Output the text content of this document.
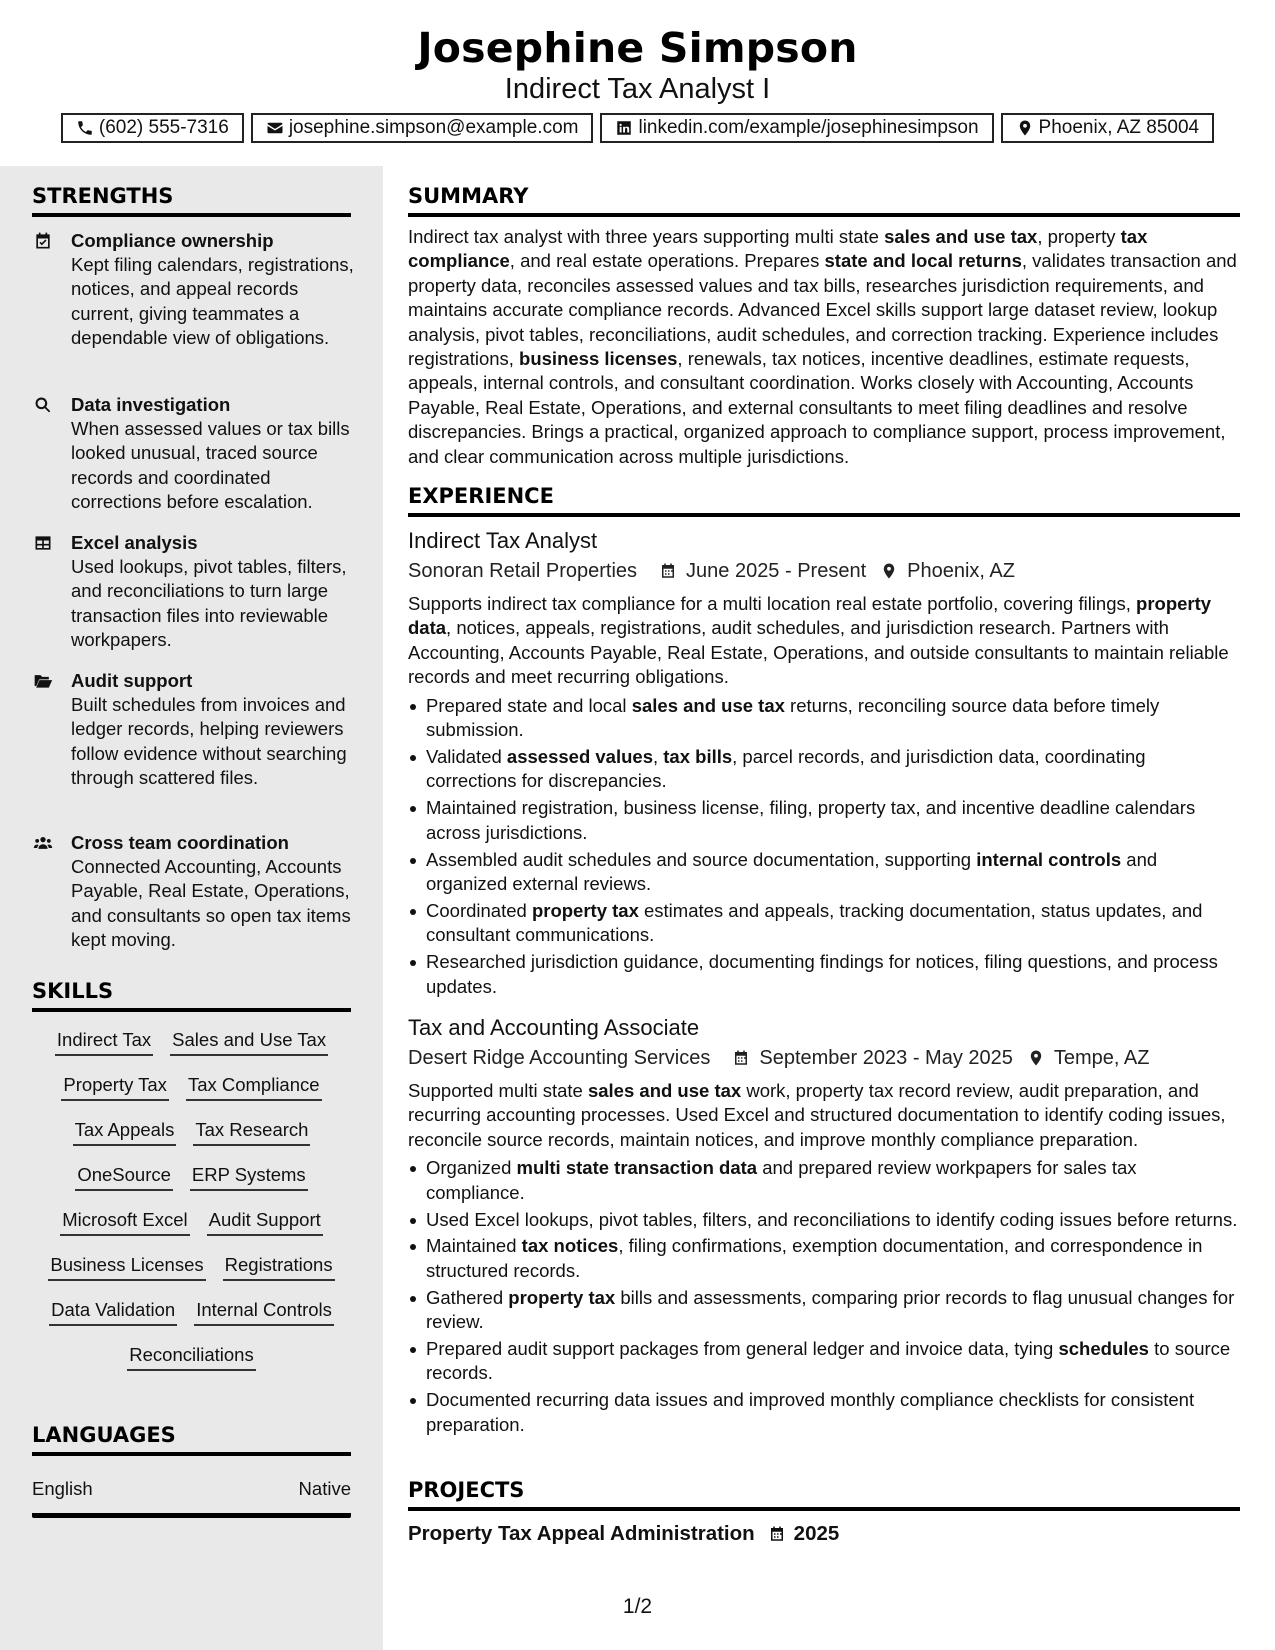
Josephine Simpson
Indirect Tax Analyst I
(602) 555-7316	josephine.simpson@example.com	linkedin.com/example/josephinesimpson	Phoenix, AZ 85004
STRENGTHS
Compliance ownership
Kept filing calendars, registrations, notices, and appeal records current, giving teammates a dependable view of obligations.
Data investigation
When assessed values or tax bills looked unusual, traced source records and coordinated corrections before escalation.
Excel analysis
Used lookups, pivot tables, filters, and reconciliations to turn large transaction files into reviewable workpapers.
Audit support
Built schedules from invoices and ledger records, helping reviewers follow evidence without searching through scattered files.
Cross team coordination
Connected Accounting, Accounts Payable, Real Estate, Operations, and consultants so open tax items kept moving.
SKILLS
Indirect Tax Sales and Use Tax
Property Tax Tax Compliance
Tax Appeals Tax Research
OneSource ERP Systems
Microsoft Excel Audit Support
Business Licenses Registrations
Data Validation Internal Controls
Reconciliations
LANGUAGES
English	Native
SUMMARY

Indirect tax analyst with three years supporting multi state sales and use tax, property tax compliance, and real estate operations. Prepares state and local returns, validates transaction and property data, reconciles assessed values and tax bills, researches jurisdiction requirements, and maintains accurate compliance records. Advanced Excel skills support large dataset review, lookup analysis, pivot tables, reconciliations, audit schedules, and correction tracking. Experience includes registrations, business licenses, renewals, tax notices, incentive deadlines, estimate requests, appeals, internal controls, and consultant coordination. Works closely with Accounting, Accounts Payable, Real Estate, Operations, and external consultants to meet filing deadlines and resolve discrepancies. Brings a practical, organized approach to compliance support, process improvement, and clear communication across multiple jurisdictions.

EXPERIENCE
Indirect Tax Analyst
Sonoran Retail Properties June 2025 - Present Phoenix, AZ

Supports indirect tax compliance for a multi location real estate portfolio, covering filings, property data, notices, appeals, registrations, audit schedules, and jurisdiction research. Partners with Accounting, Accounts Payable, Real Estate, Operations, and outside consultants to maintain reliable records and meet recurring obligations.

Prepared state and local sales and use tax returns, reconciling source data before timely submission.
Validated assessed values, tax bills, parcel records, and jurisdiction data, coordinating corrections for discrepancies.
Maintained registration, business license, filing, property tax, and incentive deadline calendars across jurisdictions.
Assembled audit schedules and source documentation, supporting internal controls and organized external reviews.
Coordinated property tax estimates and appeals, tracking documentation, status updates, and consultant communications.
Researched jurisdiction guidance, documenting findings for notices, filing questions, and process updates.
Tax and Accounting Associate
Desert Ridge Accounting Services September 2023 - May 2025 Tempe, AZ

Supported multi state sales and use tax work, property tax record review, audit preparation, and recurring accounting processes. Used Excel and structured documentation to identify coding issues, reconcile source records, maintain notices, and improve monthly compliance preparation.

Organized multi state transaction data and prepared review workpapers for sales tax compliance.
Used Excel lookups, pivot tables, filters, and reconciliations to identify coding issues before returns.
Maintained tax notices, filing confirmations, exemption documentation, and correspondence in structured records.
Gathered property tax bills and assessments, comparing prior records to flag unusual changes for review.
Prepared audit support packages from general ledger and invoice data, tying schedules to source records.
Documented recurring data issues and improved monthly compliance checklists for consistent preparation.
PROJECTS
Property Tax Appeal Administration 2025
1/2
